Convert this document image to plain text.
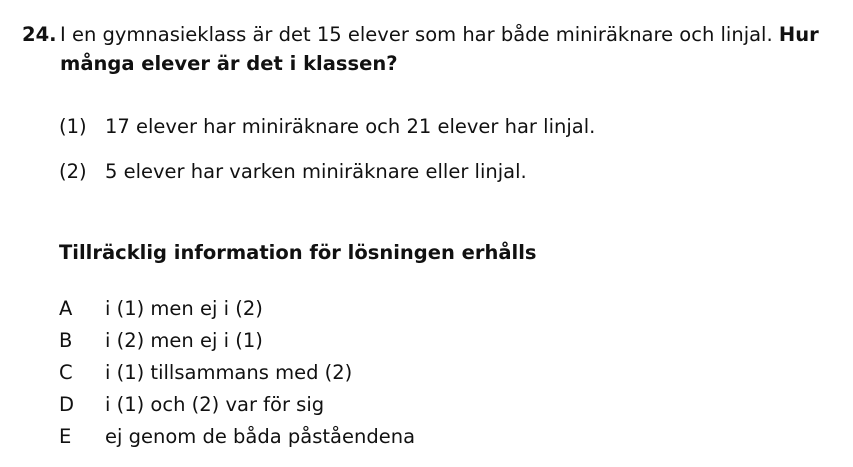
24. I en gymnasieklass är det 15 elever som har både miniräknare och linjal. Hur många elever är det i klassen?
(1) 17 elever har miniräknare och 21 elever har linjal.
(2) 5 elever har varken miniräknare eller linjal.
Tillräcklig information för lösningen erhålls
A	i (1) men ej i (2)
B	i (2) men ej i (1)
C	i (1) tillsammans med (2)
D	i (1) och (2) var för sig
E	ej genom de båda påståendena
